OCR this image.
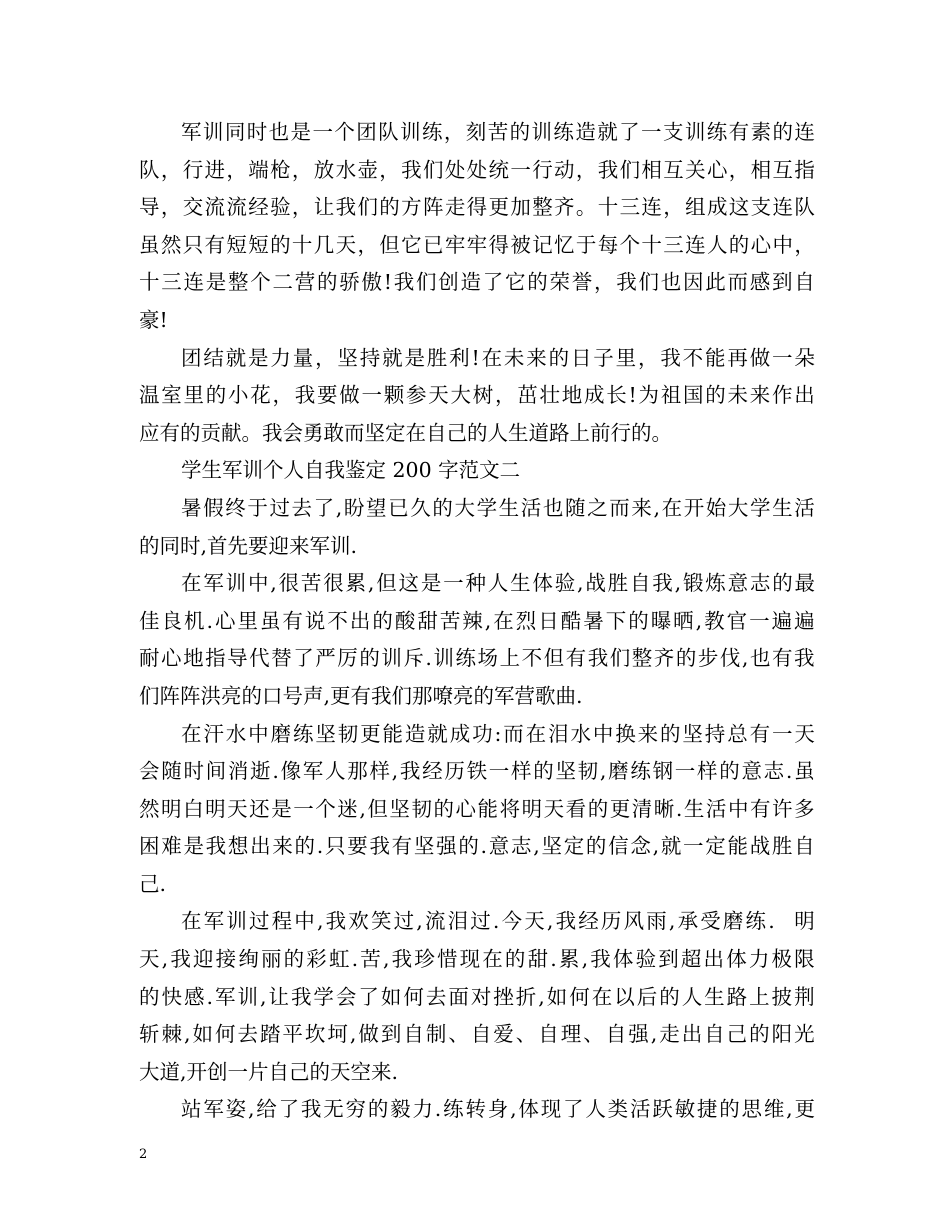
军 训 同 时 也 是 一 个 团 队 训 练 ， 刻 苦 的 训 练 造 就 了 一 支 训 练 有 素 的 连
队 ， 行 进 ， 端 枪 ， 放 水 壶 ， 我 们 处 处 统 一 行 动 ， 我 们 相 互 关 心 ， 相 互 指
导 ， 交 流 流 经 验 ， 让 我 们 的 方 阵 走 得 更 加 整 齐 。 十 三 连 ， 组 成 这 支 连 队
虽 然 只 有 短 短 的 十 几 天 ， 但 它 已 牢 牢 得 被 记 忆 于 每 个 十 三 连 人 的 心 中 ，
十 三 连 是 整 个 二 营 的 骄 傲 ! 我 们 创 造 了 它 的 荣 誉 ， 我 们 也 因 此 而 感 到 自
豪!
团 结 就 是 力 量 ， 坚 持 就 是 胜 利 ! 在 未 来 的 日 子 里 ， 我 不 能 再 做 一 朵
温 室 里 的 小 花 ， 我 要 做 一 颗 参 天 大 树 ， 茁 壮 地 成 长 ! 为 祖 国 的 未 来 作 出
应有的贡献。我会勇敢而坚定在自己的人生道路上前行的。
学生军训个人自我鉴定 200 字范文二
暑 假 终 于 过 去 了 , 盼 望 已 久 的 大 学 生 活 也 随 之 而 来 , 在 开 始 大 学 生 活
的同时,首先要迎来军训.
在 军 训 中 , 很 苦 很 累 , 但 这 是 一 种 人 生 体 验 , 战 胜 自 我 , 锻 炼 意 志 的 最
佳 良 机 . 心 里 虽 有 说 不 出 的 酸 甜 苦 辣 , 在 烈 日 酷 暑 下 的 曝 晒 , 教 官 一 遍 遍
耐 心 地 指 导 代 替 了 严 厉 的 训 斥 . 训 练 场 上 不 但 有 我 们 整 齐 的 步 伐 , 也 有 我
们阵阵洪亮的口号声,更有我们那嘹亮的军营歌曲.
在 汗 水 中 磨 练 坚 韧 更 能 造 就 成 功 : 而 在 泪 水 中 换 来 的 坚 持 总 有 一 天
会 随 时 间 消 逝 . 像 军 人 那 样 , 我 经 历 铁 一 样 的 坚 韧 , 磨 练 钢 一 样 的 意 志 . 虽
然 明 白 明 天 还 是 一 个 迷 , 但 坚 韧 的 心 能 将 明 天 看 的 更 清 晰 . 生 活 中 有 许 多
困 难 是 我 想 出 来 的 . 只 要 我 有 坚 强 的 . 意 志 , 坚 定 的 信 念 , 就 一 定 能 战 胜 自
己.
在 军 训 过 程 中 , 我 欢 笑 过 , 流 泪 过 . 今 天 , 我 经 历 风 雨 , 承 受 磨 练 .

明
天 , 我 迎 接 绚 丽 的 彩 虹 . 苦 , 我 珍 惜 现 在 的 甜 . 累 , 我 体 验 到 超 出 体 力 极 限
的 快 感 . 军 训 , 让 我 学 会 了 如 何 去 面 对 挫 折 , 如 何 在 以 后 的 人 生 路 上 披 荆
斩 棘 , 如 何 去 踏 平 坎 坷 , 做 到 自 制 、 自 爱 、 自 理 、 自 强 , 走 出 自 己 的 阳 光
大道,开创一片自己的天空来.
站 军 姿 , 给 了 我 无 穷 的 毅 力 . 练 转 身 , 体 现 了 人 类 活 跃 敏 捷 的 思 维 , 更
2
